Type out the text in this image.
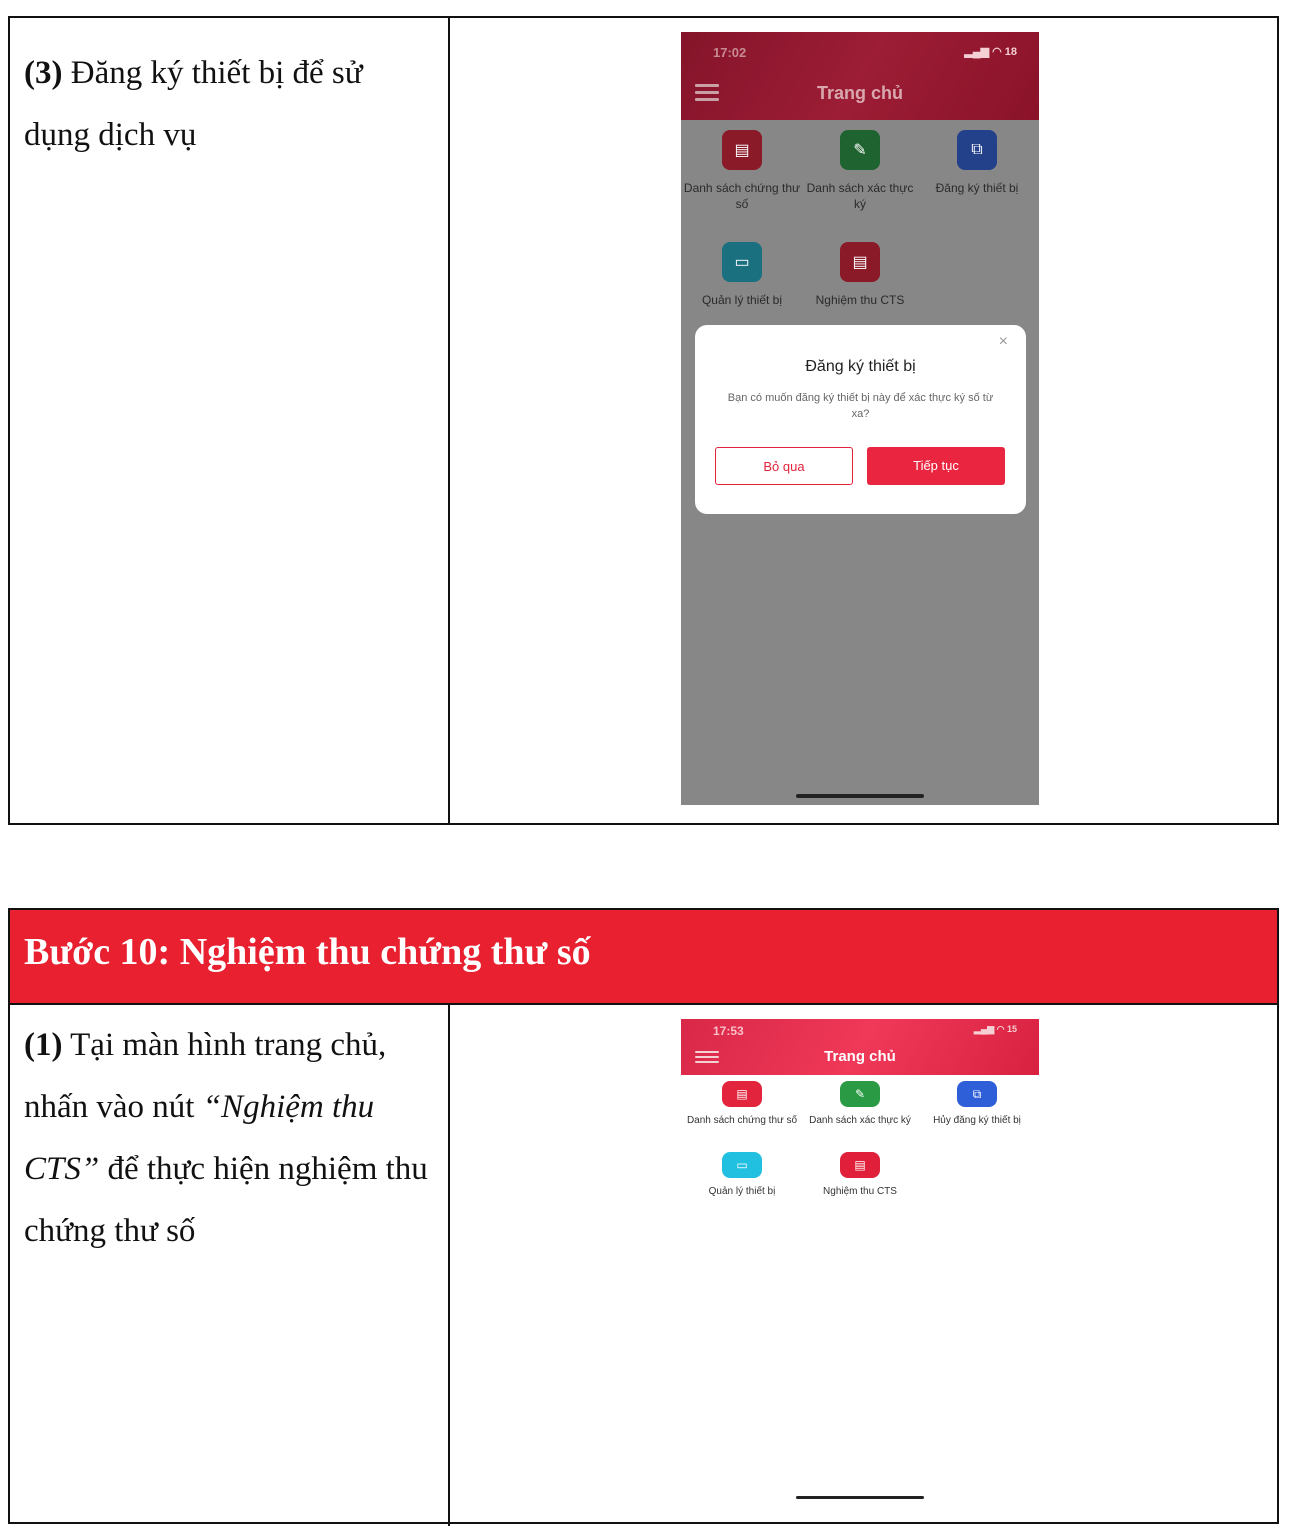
(3) Đăng ký thiết bị để sử dụng dịch vụ
17:02	▂▄▆ ◠ 18
Trang chủ
▤
Danh sách chứng thư số
✎
Danh sách xác thực ký
⧉
Đăng ký thiết bị
▭
Quản lý thiết bị
▤
Nghiệm thu CTS
×
Đăng ký thiết bị
Bạn có muốn đăng ký thiết bị này để xác thực ký số từ xa?
Bỏ qua	Tiếp tục
Bước 10: Nghiệm thu chứng thư số
(1) Tại màn hình trang chủ, nhấn vào nút “Nghiệm thu CTS” để thực hiện nghiệm thu chứng thư số
17:53	▂▄▆ ◠ 15
Trang chủ
▤
Danh sách chứng thư số
✎
Danh sách xác thực ký
⧉
Hủy đăng ký thiết bị
▭
Quản lý thiết bị
▤
Nghiệm thu CTS
